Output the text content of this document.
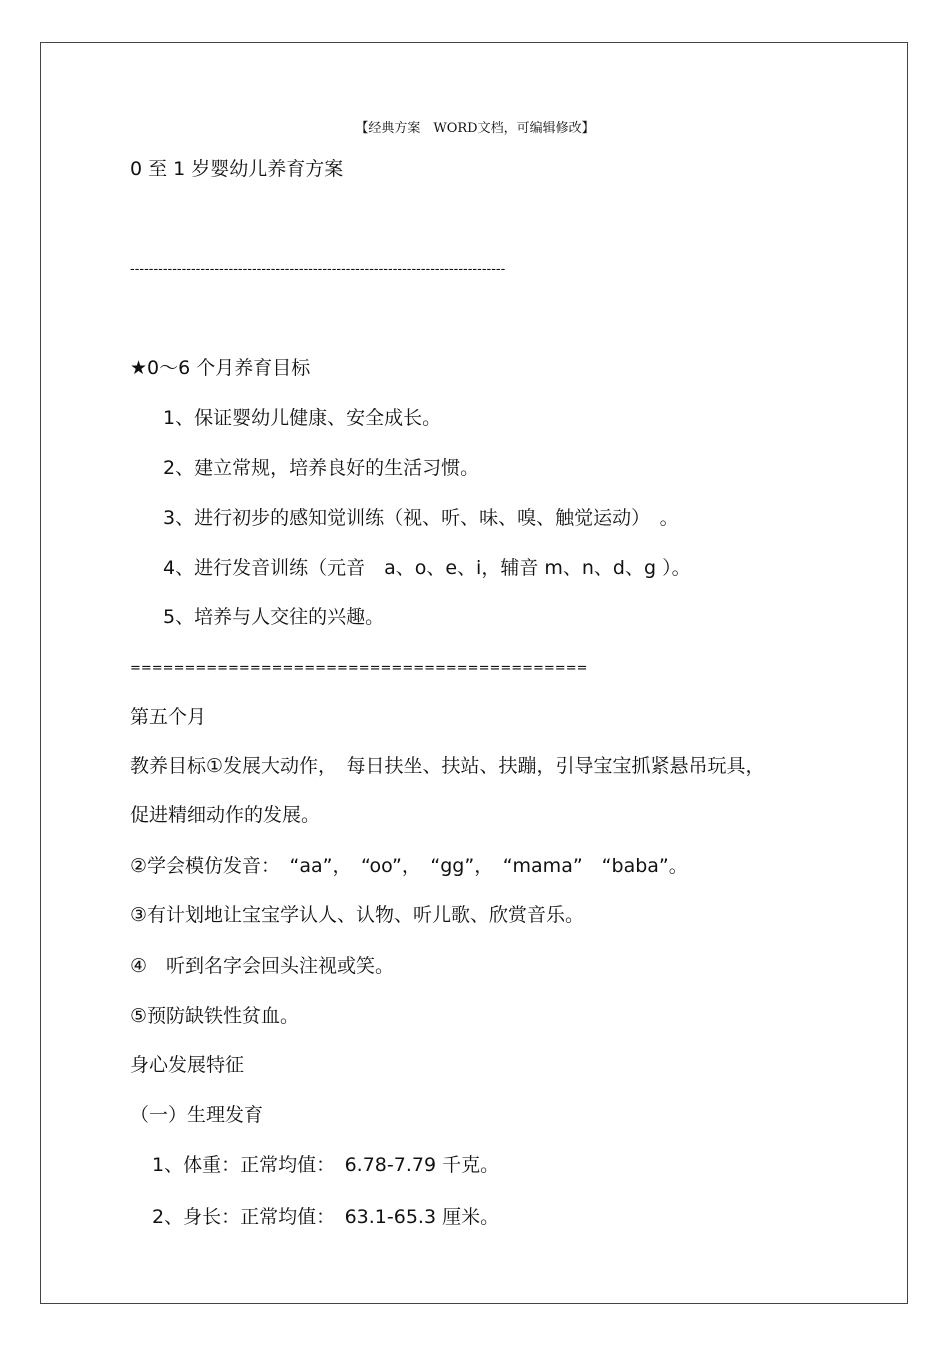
【经典方案　WORD文档，可编辑修改】
0 至 1 岁婴幼儿养育方案
--------------------------------------------------------------------------------
★0～6 个月养育目标
1、保证婴幼儿健康、安全成长。
2、建立常规，培养良好的生活习惯。
3、进行初步的感知觉训练（视、听、味、嗅、触觉运动）　。
4、进行发音训练（元音　a、o、e、i，辅音 m、n、d、g ）。
5、培养与人交往的兴趣。
==========================================
第五个月
教养目标①发展大动作，　每日扶坐、扶站、扶蹦，引导宝宝抓紧悬吊玩具，
促进精细动作的发展。
②学会模仿发音：　“aa”，　“oo”，　“gg”，　“mama”　“baba”。
③有计划地让宝宝学认人、认物、听儿歌、欣赏音乐。
④　听到名字会回头注视或笑。
⑤预防缺铁性贫血。
身心发展特征
（一）生理发育
1、体重：正常均值：　6.78-7.79 千克。
2、身长：正常均值：　63.1-65.3 厘米。
